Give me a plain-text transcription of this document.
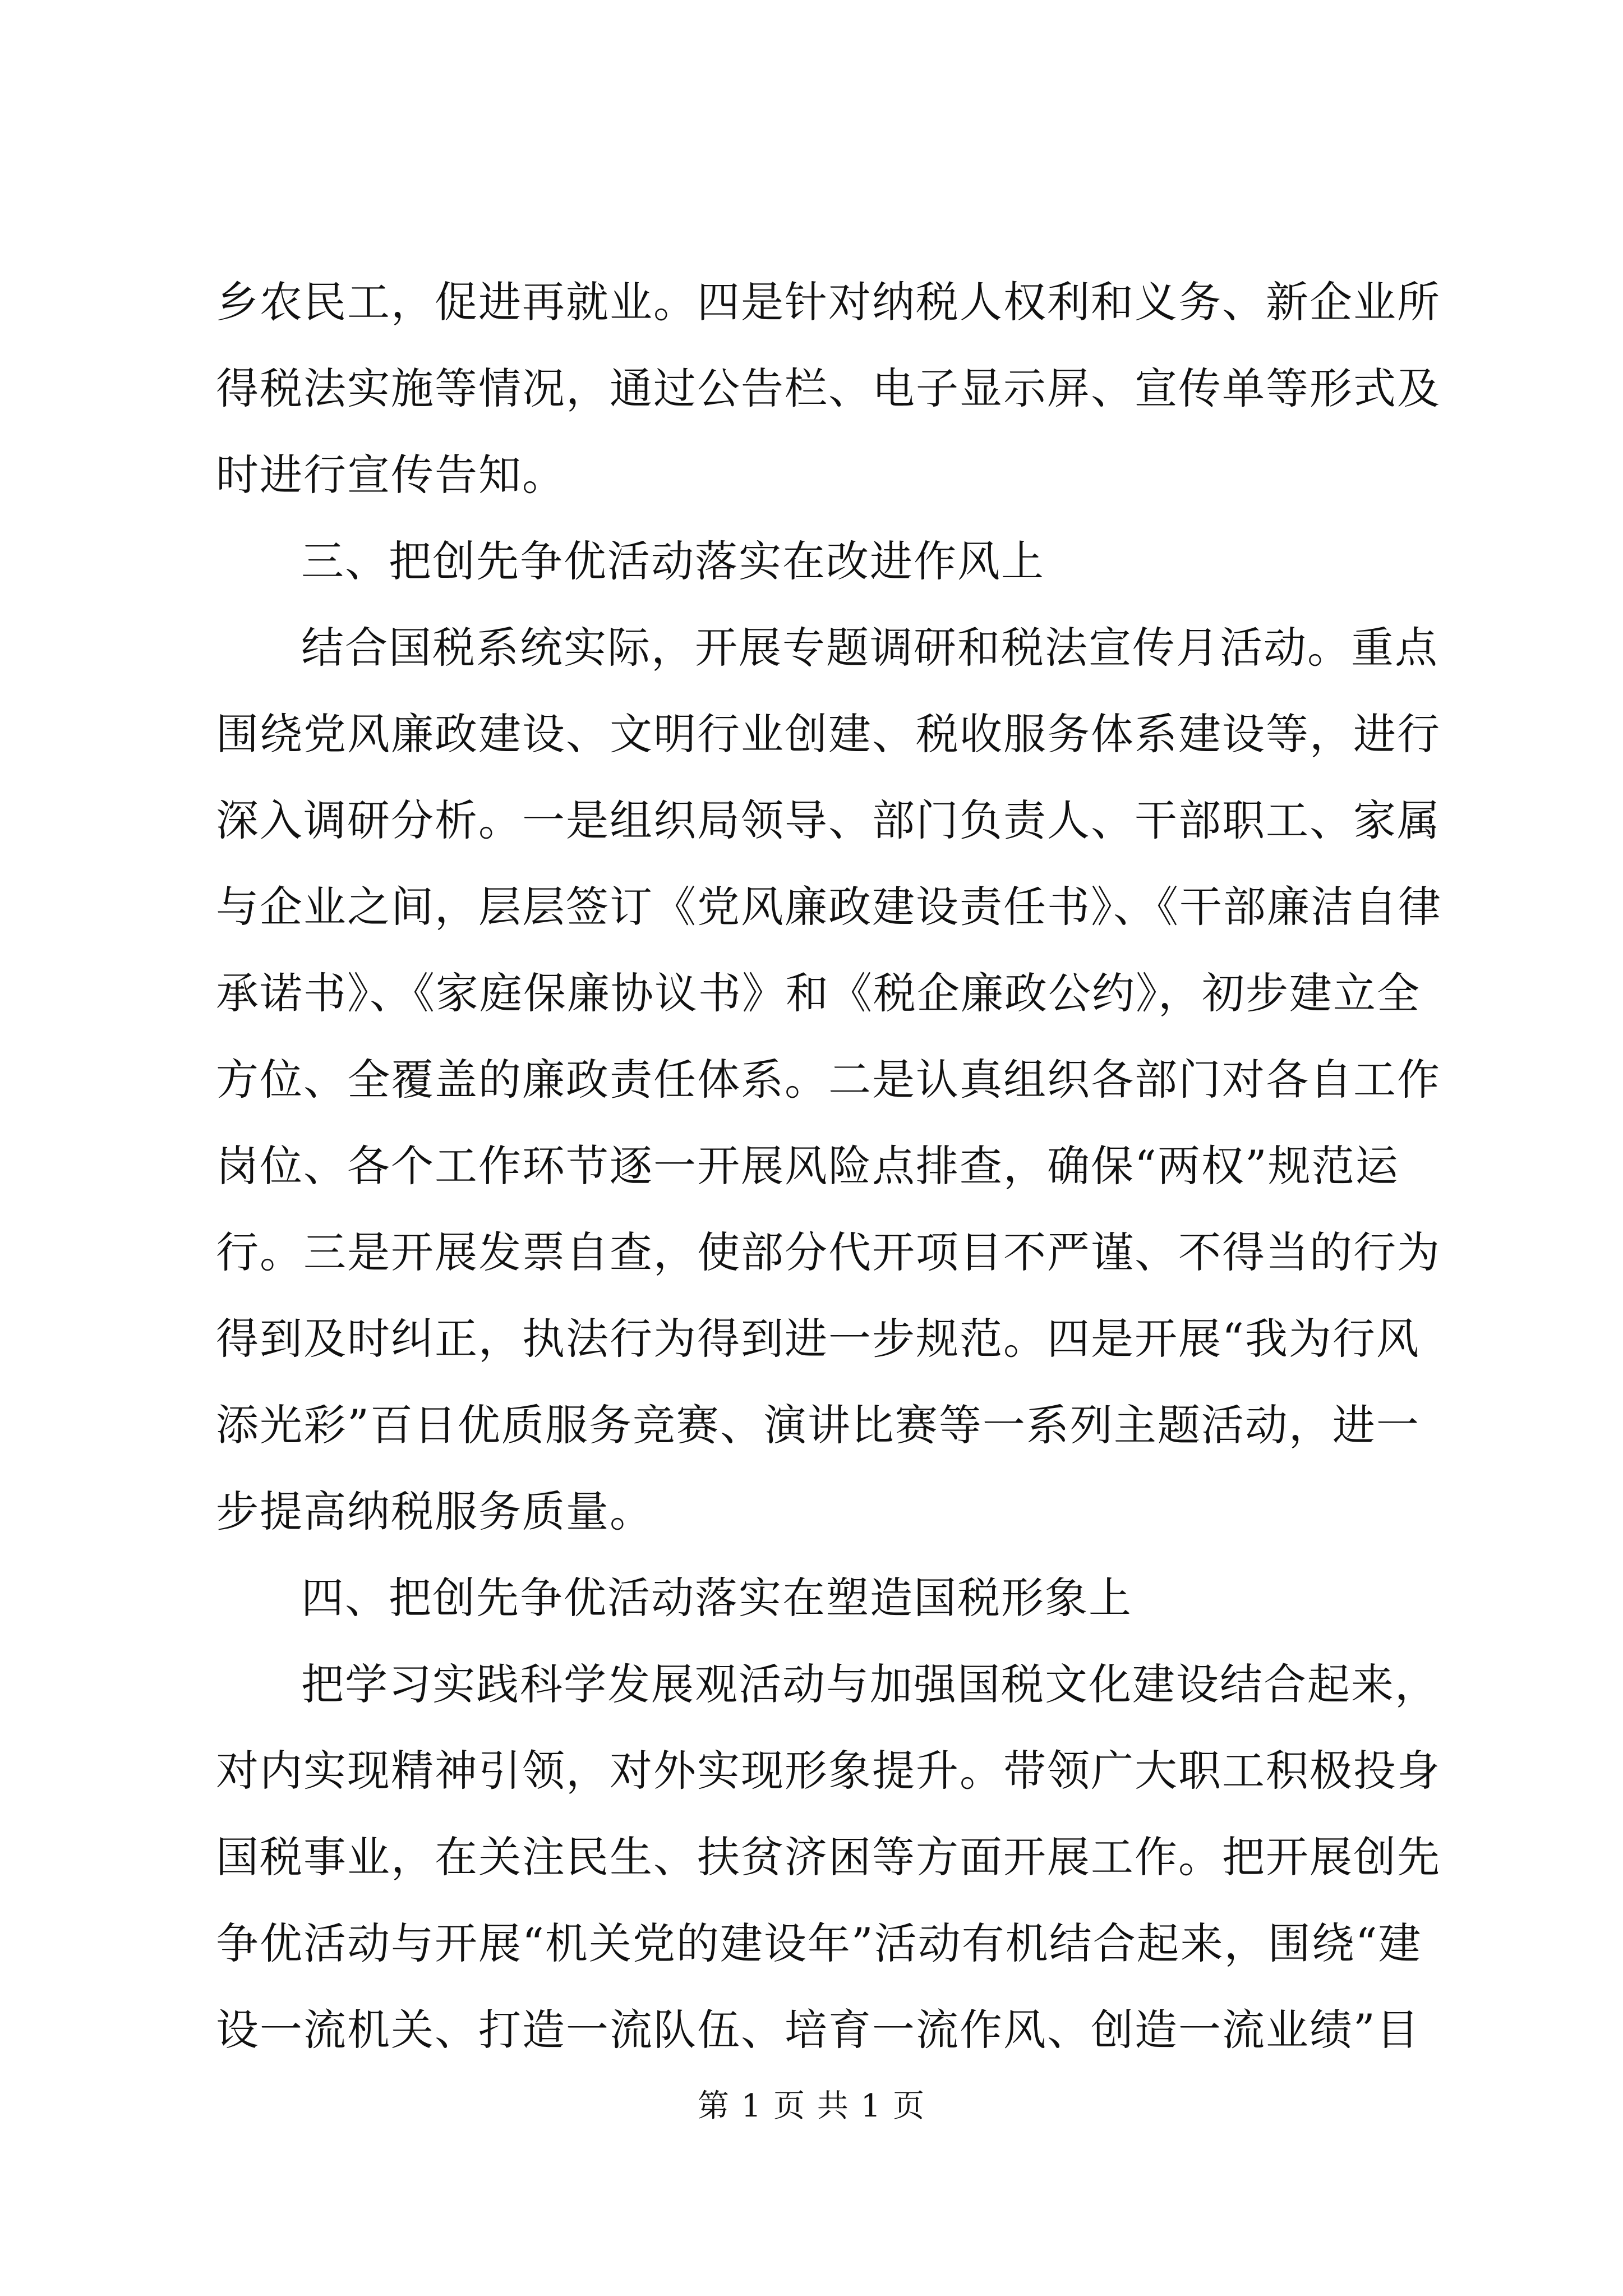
乡农民工，促进再就业。四是针对纳税人权利和义务、新企业所
得税法实施等情况，通过公告栏、电子显示屏、宣传单等形式及
时进行宣传告知。
三、把创先争优活动落实在改进作风上
结合国税系统实际，开展专题调研和税法宣传月活动。重点
围绕党风廉政建设、文明行业创建、税收服务体系建设等，进行
深入调研分析。一是组织局领导、部门负责人、干部职工、家属
与企业之间，层层签订《党风廉政建设责任书》、《干部廉洁自律
承诺书》、《家庭保廉协议书》和《税企廉政公约》，初步建立全
方位、全覆盖的廉政责任体系。二是认真组织各部门对各自工作
岗位、各个工作环节逐一开展风险点排查，确保“两权”规范运
行。三是开展发票自查，使部分代开项目不严谨、不得当的行为
得到及时纠正，执法行为得到进一步规范。四是开展“我为行风
添光彩”百日优质服务竞赛、演讲比赛等一系列主题活动，进一
步提高纳税服务质量。
四、把创先争优活动落实在塑造国税形象上
把学习实践科学发展观活动与加强国税文化建设结合起来，
对内实现精神引领，对外实现形象提升。带领广大职工积极投身
国税事业，在关注民生、扶贫济困等方面开展工作。把开展创先
争优活动与开展“机关党的建设年”活动有机结合起来，围绕“建
设一流机关、打造一流队伍、培育一流作风、创造一流业绩”目
第 1 页 共 1 页
